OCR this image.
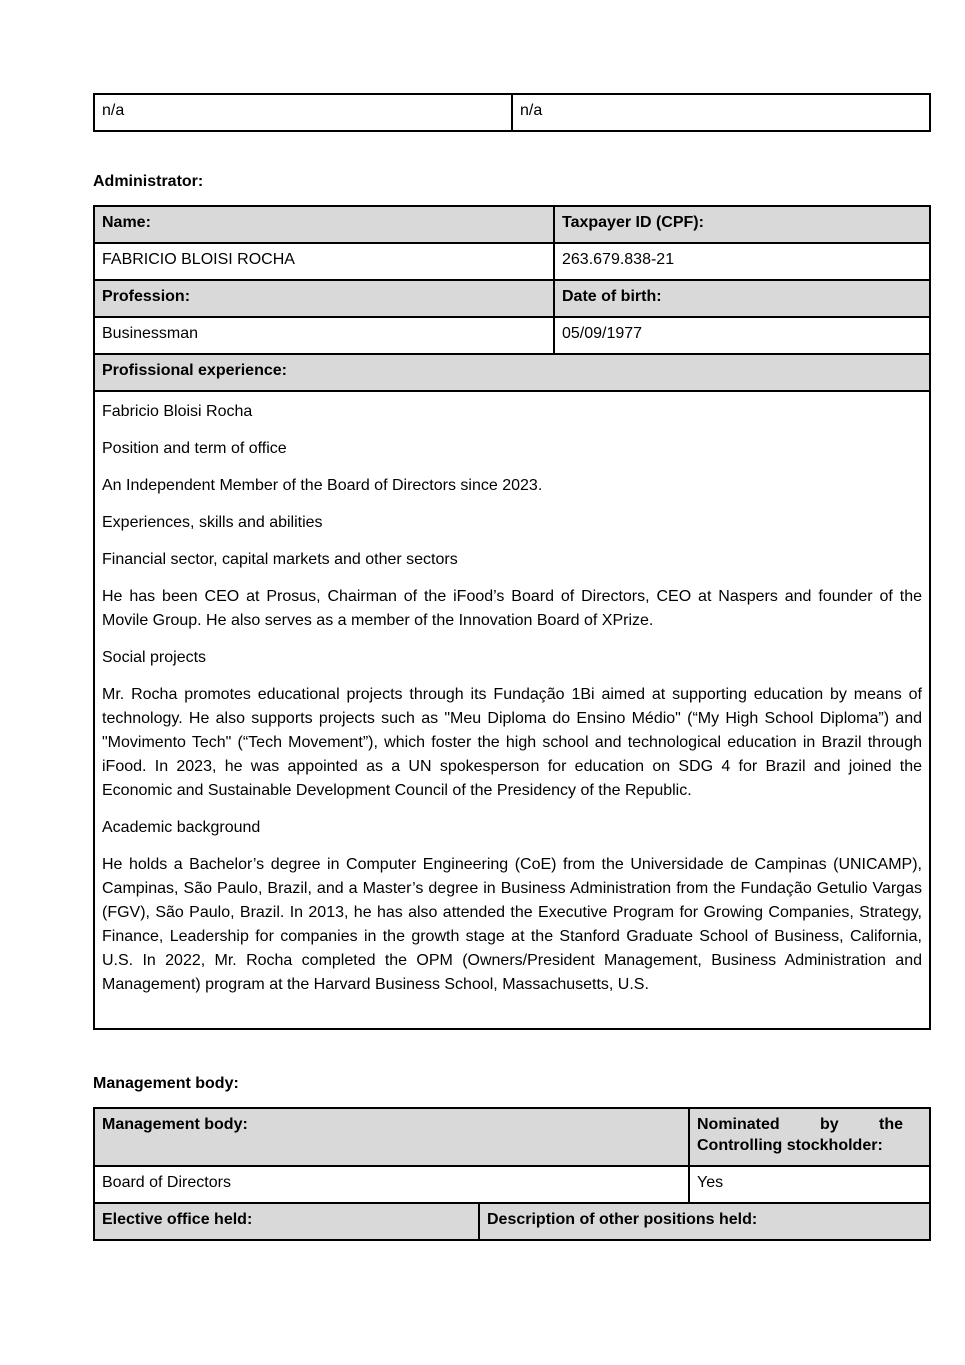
n/a	n/a
Administrator:
Name:	Taxpayer ID (CPF):
FABRICIO BLOISI ROCHA	263.679.838-21
Profession:	Date of birth:
Businessman	05/09/1977
Profissional experience:	

Fabricio Bloisi Rocha

Position and term of office

An Independent Member of the Board of Directors since 2023.

Experiences, skills and abilities

Financial sector, capital markets and other sectors

He has been CEO at Prosus, Chairman of the iFood’s Board of Directors, CEO at Naspers and founder of the Movile Group. He also serves as a member of the Innovation Board of XPrize.

Social projects

Mr. Rocha promotes educational projects through its Fundação 1Bi aimed at supporting education by means of technology. He also supports projects such as "Meu Diploma do Ensino Médio" (“My High School Diploma”) and "Movimento Tech" (“Tech Movement”), which foster the high school and technological education in Brazil through iFood. In 2023, he was appointed as a UN spokesperson for education on SDG 4 for Brazil and joined the Economic and Sustainable Development Council of the Presidency of the Republic.

Academic background

He holds a Bachelor’s degree in Computer Engineering (CoE) from the Universidade de Campinas (UNICAMP), Campinas, São Paulo, Brazil, and a Master’s degree in Business Administration from the Fundação Getulio Vargas (FGV), São Paulo, Brazil. In 2013, he has also attended the Executive Program for Growing Companies, Strategy, Finance, Leadership for companies in the growth stage at the Stanford Graduate School of Business, California, U.S. In 2022, Mr. Rocha completed the OPM (Owners/President Management, Business Administration and Management) program at the Harvard Business School, Massachusetts, U.S.

Management body:
Management body:	Nominated by the Controlling stockholder:
Board of Directors	Yes
Elective office held:	Description of other positions held:
